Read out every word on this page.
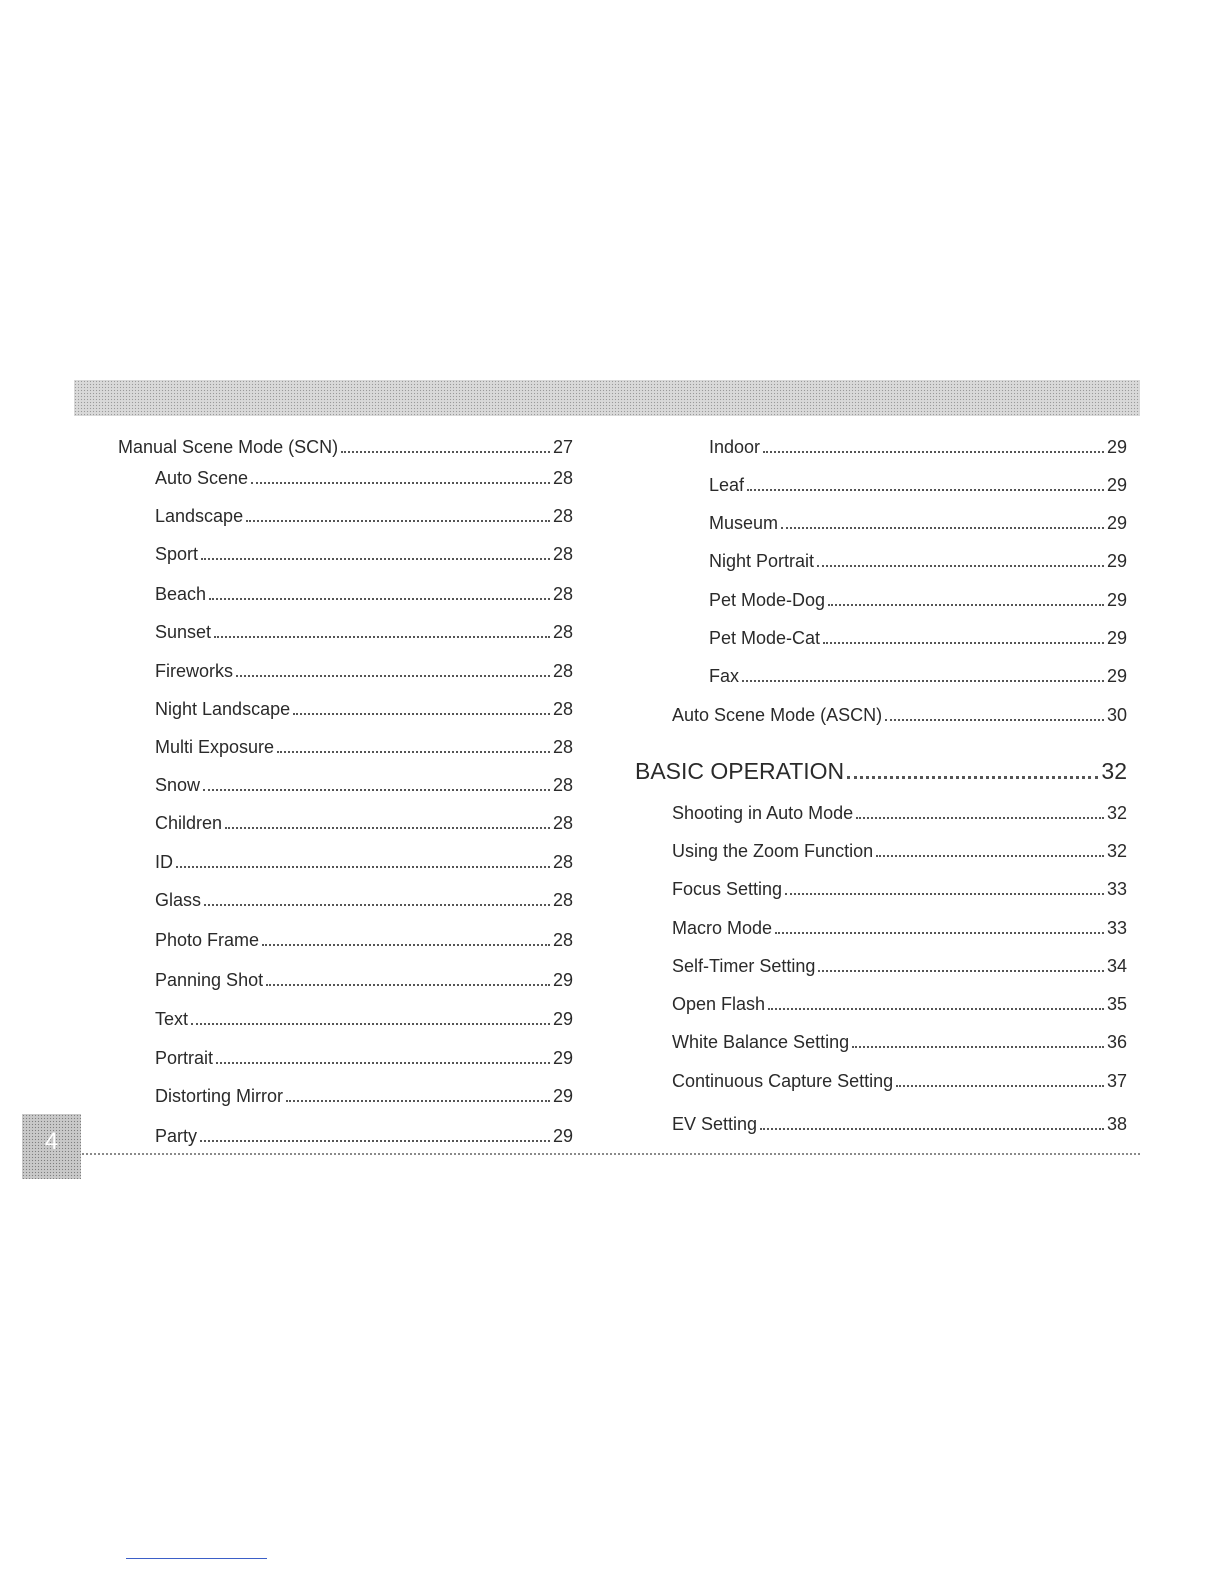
Manual Scene Mode (SCN)	27
Auto Scene	28
Landscape	28
Sport	28
Beach	28
Sunset	28
Fireworks	28
Night Landscape	28
Multi Exposure	28
Snow	28
Children	28
ID	28
Glass	28
Photo Frame	28
Panning Shot	29
Text	29
Portrait	29
Distorting Mirror	29
Party	29
Indoor	29
Leaf	29
Museum	29
Night Portrait	29
Pet Mode-Dog	29
Pet Mode-Cat	29
Fax	29
Auto Scene Mode (ASCN)	30
BASIC OPERATION	32
Shooting in Auto Mode	32
Using the Zoom Function	32
Focus Setting	33
Macro Mode	33
Self-Timer Setting	34
Open Flash	35
White Balance Setting	36
Continuous Capture Setting	37
EV Setting	38
4
